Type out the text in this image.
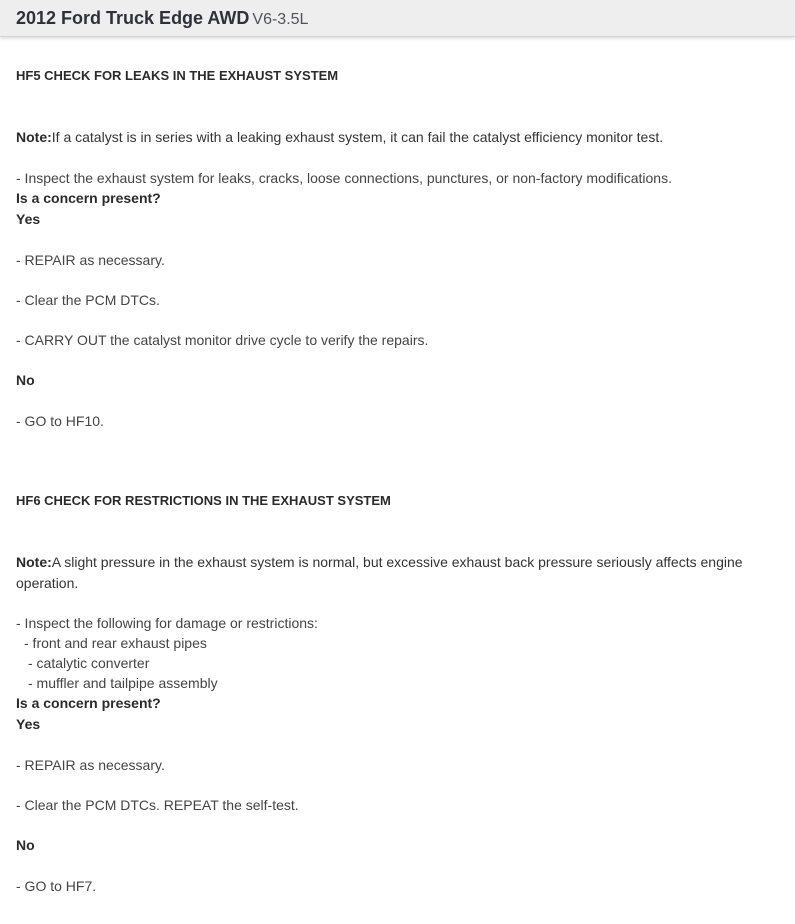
2012 Ford Truck Edge AWD V6-3.5L
HF5 CHECK FOR LEAKS IN THE EXHAUST SYSTEM
Note:If a catalyst is in series with a leaking exhaust system, it can fail the catalyst efficiency monitor test.
- Inspect the exhaust system for leaks, cracks, loose connections, punctures, or non-factory modifications.
Is a concern present?
Yes
- REPAIR as necessary.
- Clear the PCM DTCs.
- CARRY OUT the catalyst monitor drive cycle to verify the repairs.
No
- GO to HF10.
HF6 CHECK FOR RESTRICTIONS IN THE EXHAUST SYSTEM
Note:A slight pressure in the exhaust system is normal, but excessive exhaust back pressure seriously affects engine
operation.
- Inspect the following for damage or restrictions:
- front and rear exhaust pipes
- catalytic converter
- muffler and tailpipe assembly
Is a concern present?
Yes
- REPAIR as necessary.
- Clear the PCM DTCs. REPEAT the self-test.
No
- GO to HF7.
